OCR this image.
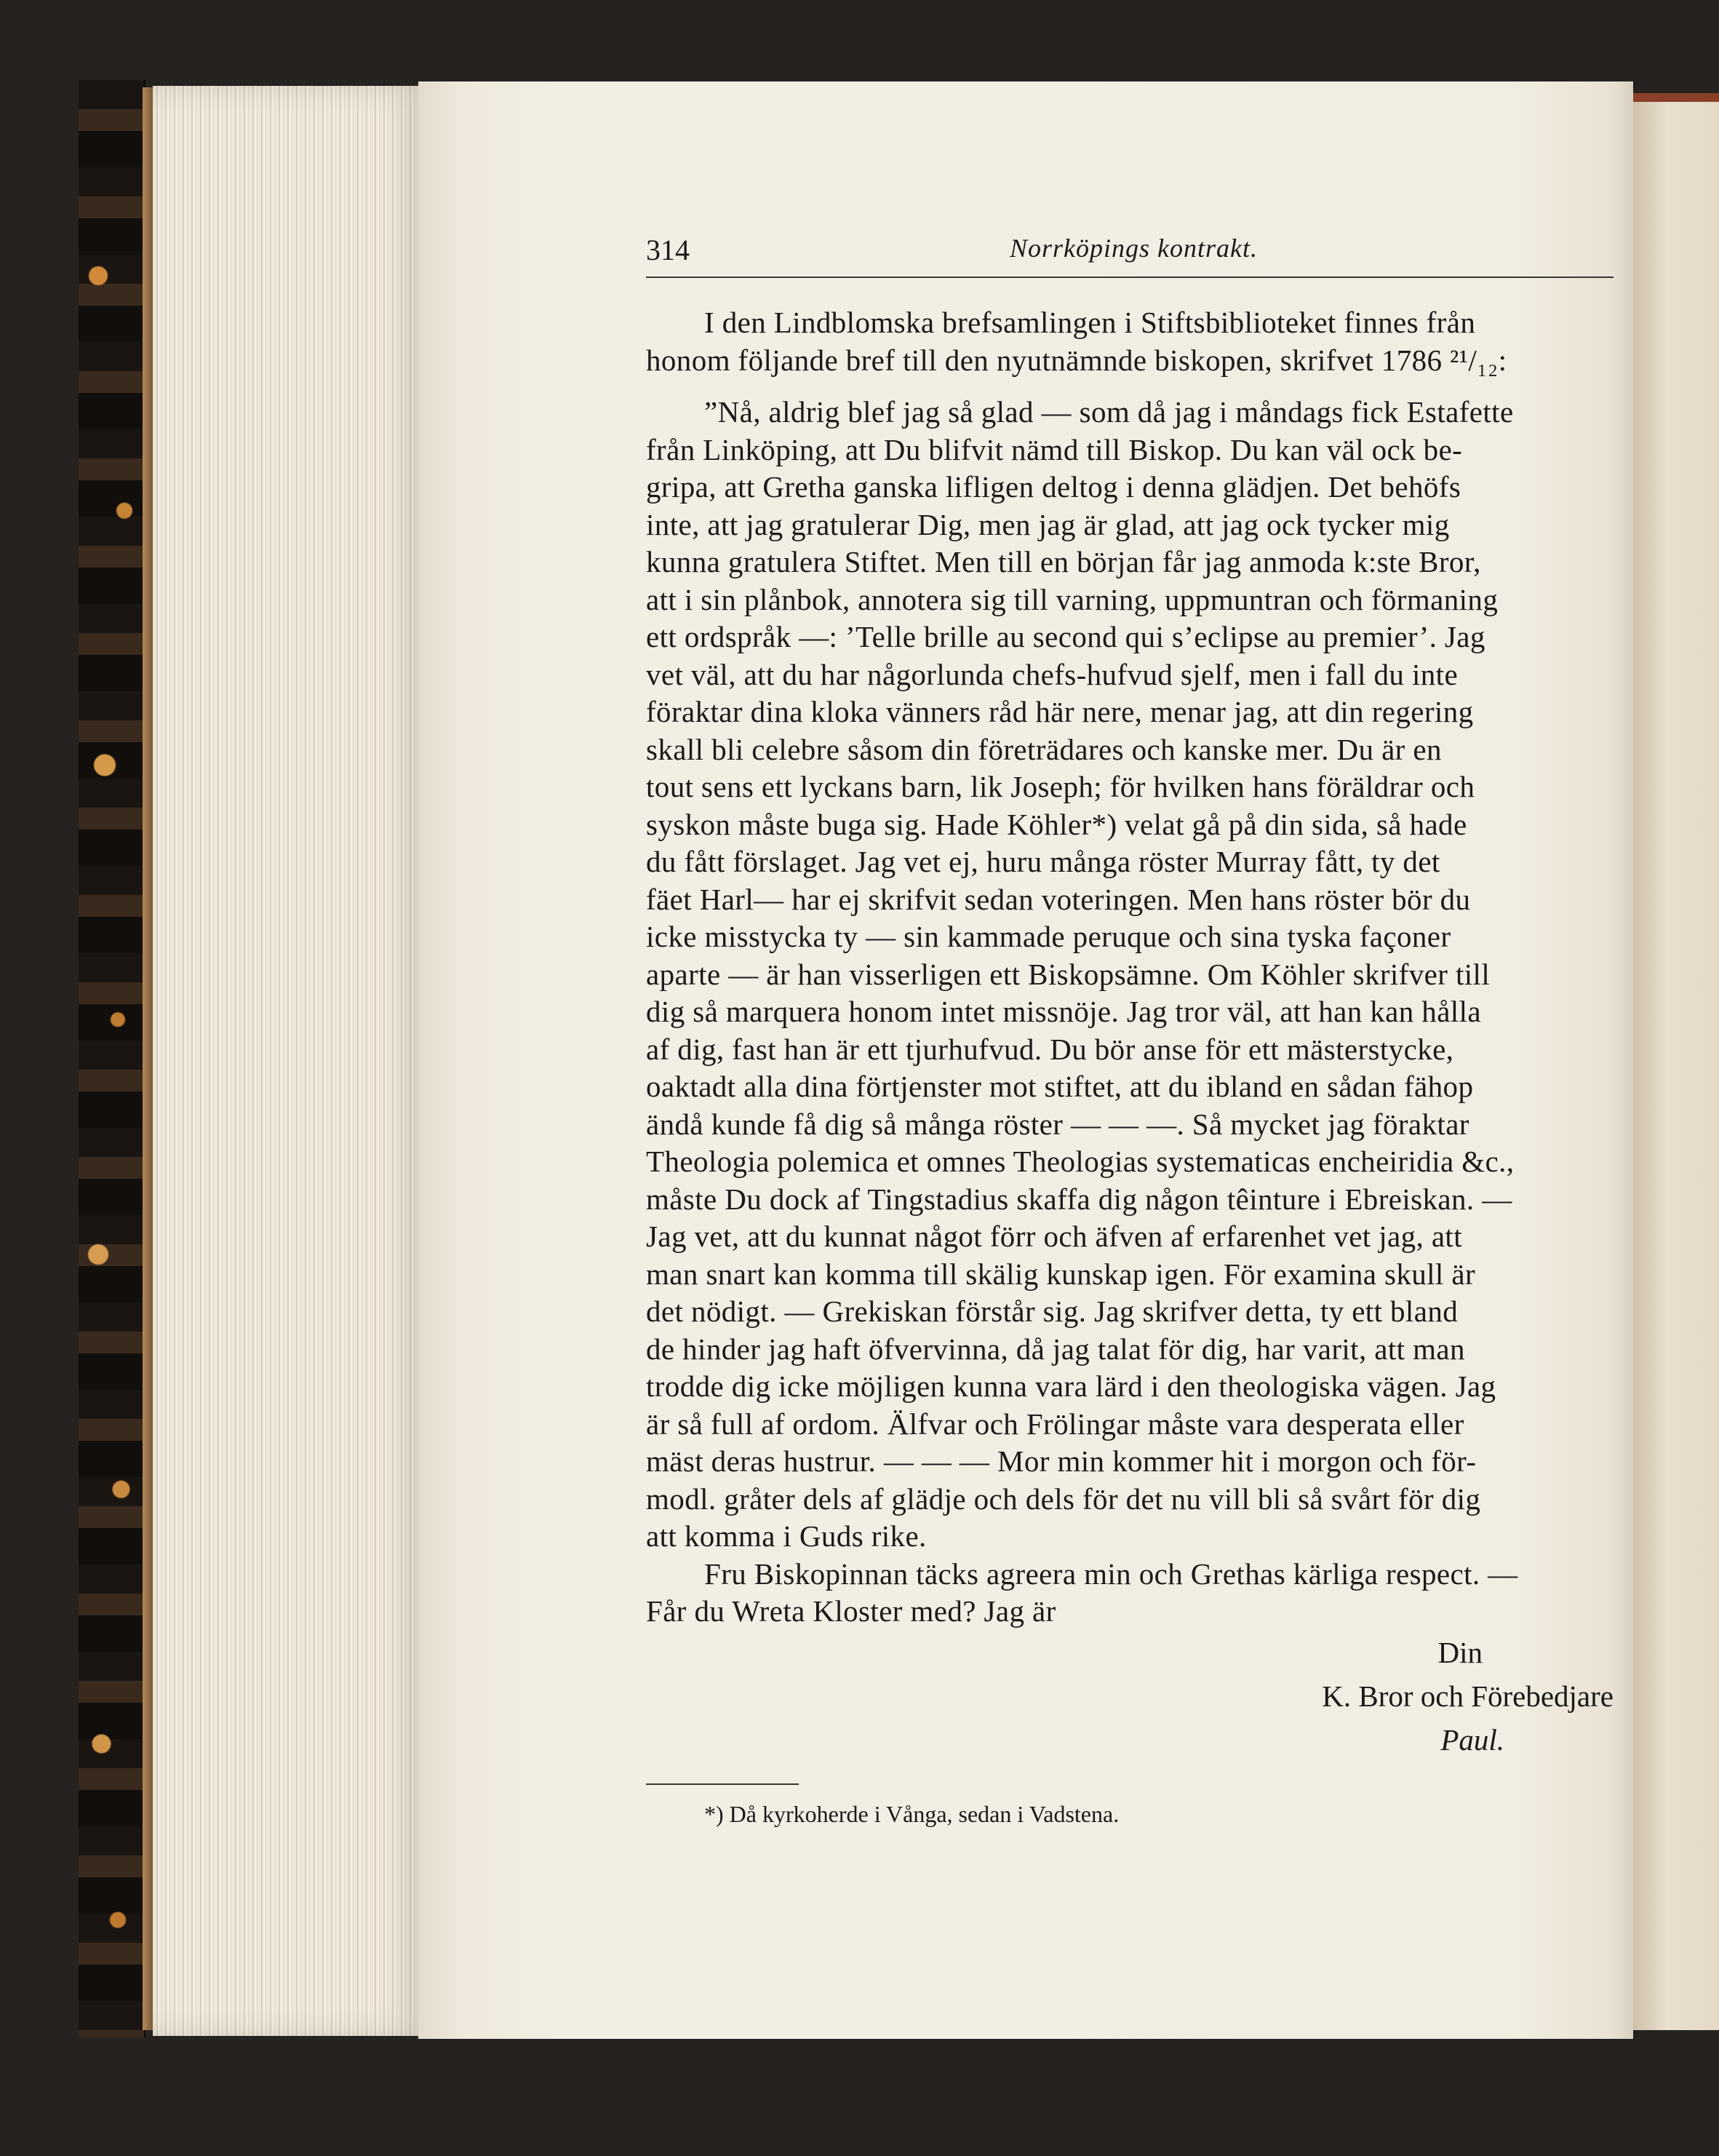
314	Norrköpings kontrakt.
I den Lindblomska brefsamlingen i Stiftsbiblioteket finnes från
honom följande bref till den nyutnämnde biskopen, skrifvet 1786 ²¹/₁₂:
”Nå, aldrig blef jag så glad — som då jag i måndags fick Estafette
från Linköping, att Du blifvit nämd till Biskop. Du kan väl ock be-
gripa, att Gretha ganska lifligen deltog i denna glädjen. Det behöfs
inte, att jag gratulerar Dig, men jag är glad, att jag ock tycker mig
kunna gratulera Stiftet. Men till en början får jag anmoda k:ste Bror,
att i sin plånbok, annotera sig till varning, uppmuntran och förmaning
ett ordspråk —: ’Telle brille au second qui s’eclipse au premier’. Jag
vet väl, att du har någorlunda chefs-hufvud sjelf, men i fall du inte
föraktar dina kloka vänners råd här nere, menar jag, att din regering
skall bli celebre såsom din företrädares och kanske mer. Du är en
tout sens ett lyckans barn, lik Joseph; för hvilken hans föräldrar och
syskon måste buga sig. Hade Köhler*) velat gå på din sida, så hade
du fått förslaget. Jag vet ej, huru många röster Murray fått, ty det
fäet Harl— har ej skrifvit sedan voteringen. Men hans röster bör du
icke misstycka ty — sin kammade peruque och sina tyska façoner
aparte — är han visserligen ett Biskopsämne. Om Köhler skrifver till
dig så marquera honom intet missnöje. Jag tror väl, att han kan hålla
af dig, fast han är ett tjurhufvud. Du bör anse för ett mästerstycke,
oaktadt alla dina förtjenster mot stiftet, att du ibland en sådan fähop
ändå kunde få dig så många röster — — —. Så mycket jag föraktar
Theologia polemica et omnes Theologias systematicas encheiridia &c.,
måste Du dock af Tingstadius skaffa dig någon têinture i Ebreiskan. —
Jag vet, att du kunnat något förr och äfven af erfarenhet vet jag, att
man snart kan komma till skälig kunskap igen. För examina skull är
det nödigt. — Grekiskan förstår sig. Jag skrifver detta, ty ett bland
de hinder jag haft öfvervinna, då jag talat för dig, har varit, att man
trodde dig icke möjligen kunna vara lärd i den theologiska vägen. Jag
är så full af ordom. Älfvar och Frölingar måste vara desperata eller
mäst deras hustrur. — — — Mor min kommer hit i morgon och för-
modl. gråter dels af glädje och dels för det nu vill bli så svårt för dig
att komma i Guds rike.
Fru Biskopinnan täcks agreera min och Grethas kärliga respect. —
Får du Wreta Kloster med? Jag är
Din
K. Bror och Förebedjare
Paul.
*) Då kyrkoherde i Vånga, sedan i Vadstena.
